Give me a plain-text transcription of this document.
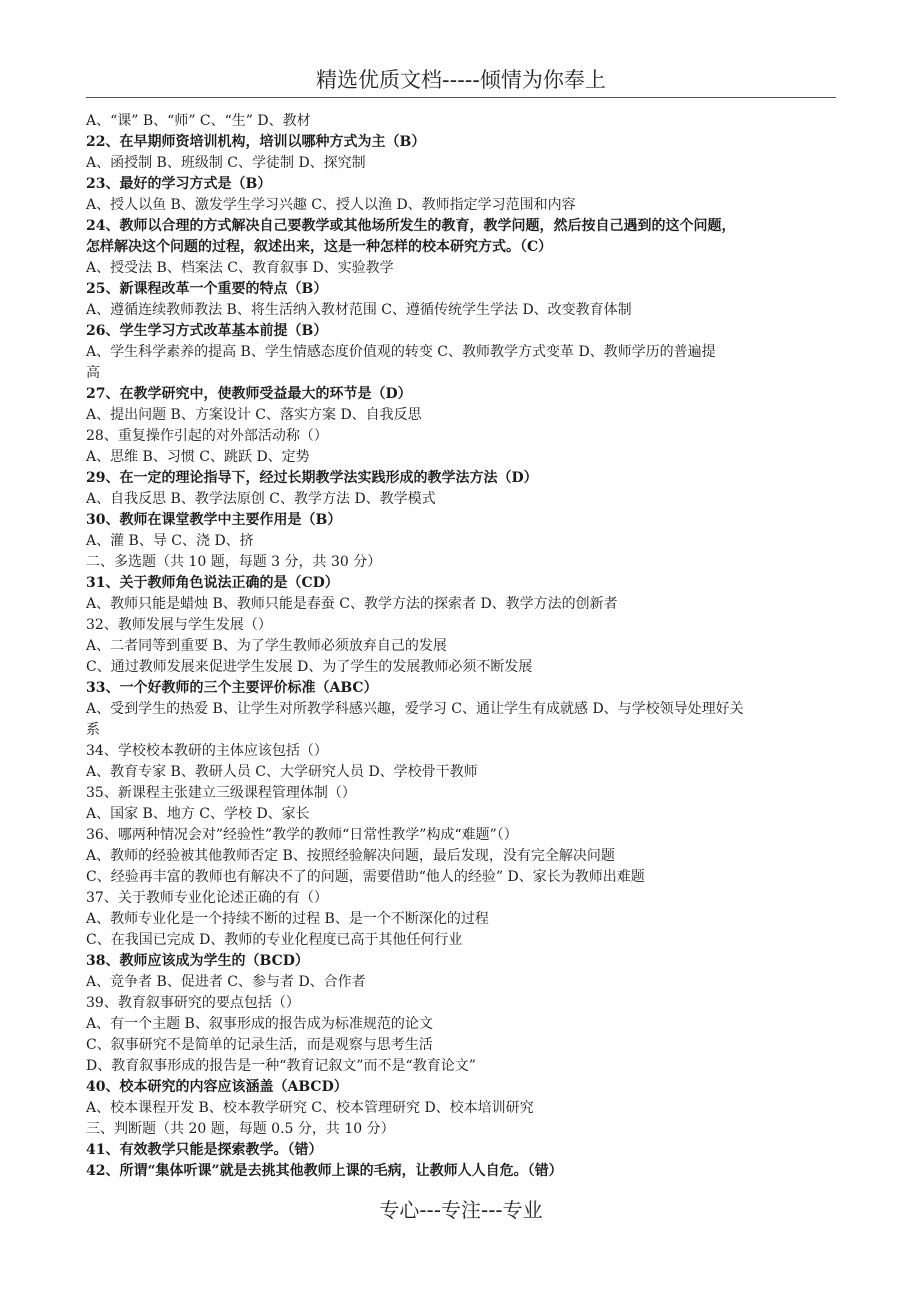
精选优质文档-----倾情为你奉上
A、“课” B、“师” C、“生” D、教材
22、在早期师资培训机构，培训以哪种方式为主（B）
A、函授制 B、班级制 C、学徒制 D、探究制
23、最好的学习方式是（B）
A、授人以鱼 B、激发学生学习兴趣 C、授人以渔 D、教师指定学习范围和内容
24、教师以合理的方式解决自己要教学或其他场所发生的教育，教学问题，然后按自己遇到的这个问题，
怎样解决这个问题的过程，叙述出来，这是一种怎样的校本研究方式。（C）
A、授受法 B、档案法 C、教育叙事 D、实验教学
25、新课程改革一个重要的特点（B）
A、遵循连续教师教法 B、将生活纳入教材范围 C、遵循传统学生学法 D、改变教育体制
26、学生学习方式改革基本前提（B）
A、学生科学素养的提高 B、学生情感态度价值观的转变 C、教师教学方式变革 D、教师学历的普遍提
高
27、在教学研究中，使教师受益最大的环节是（D）
A、提出问题 B、方案设计 C、落实方案 D、自我反思
28、重复操作引起的对外部活动称（）
A、思维 B、习惯 C、跳跃 D、定势
29、在一定的理论指导下，经过长期教学法实践形成的教学法方法（D）
A、自我反思 B、教学法原创 C、教学方法 D、教学模式
30、教师在课堂教学中主要作用是（B）
A、灌 B、导 C、浇 D、挤
二、多选题（共 10 题，每题 3 分，共 30 分）
31、关于教师角色说法正确的是（CD）
A、教师只能是蜡烛 B、教师只能是春蚕 C、教学方法的探索者 D、教学方法的创新者
32、教师发展与学生发展（）
A、二者同等到重要 B、为了学生教师必须放弃自己的发展
C、通过教师发展来促进学生发展 D、为了学生的发展教师必须不断发展
33、一个好教师的三个主要评价标准（ABC）
A、受到学生的热爱 B、让学生对所教学科感兴趣，爱学习 C、通让学生有成就感 D、与学校领导处理好关
系
34、学校校本教研的主体应该包括（）
A、教育专家 B、教研人员 C、大学研究人员 D、学校骨干教师
35、新课程主张建立三级课程管理体制（）
A、国家 B、地方 C、学校 D、家长
36、哪两种情况会对”经验性”教学的教师“日常性教学”构成“难题”（）
A、教师的经验被其他教师否定 B、按照经验解决问题，最后发现，没有完全解决问题
C、经验再丰富的教师也有解决不了的问题，需要借助“他人的经验” D、家长为教师出难题
37、关于教师专业化论述正确的有（）
A、教师专业化是一个持续不断的过程 B、是一个不断深化的过程
C、在我国已完成 D、教师的专业化程度已高于其他任何行业
38、教师应该成为学生的（BCD）
A、竞争者 B、促进者 C、参与者 D、合作者
39、教育叙事研究的要点包括（）
A、有一个主题 B、叙事形成的报告成为标准规范的论文
C、叙事研究不是简单的记录生活，而是观察与思考生活
D、教育叙事形成的报告是一种“教育记叙文”而不是“教育论文”
40、校本研究的内容应该涵盖（ABCD）
A、校本课程开发 B、校本教学研究 C、校本管理研究 D、校本培训研究
三、判断题（共 20 题，每题 0.5 分，共 10 分）
41、有效教学只能是探索教学。（错）
42、所谓“集体听课”就是去挑其他教师上课的毛病，让教师人人自危。（错）
专心---专注---专业
